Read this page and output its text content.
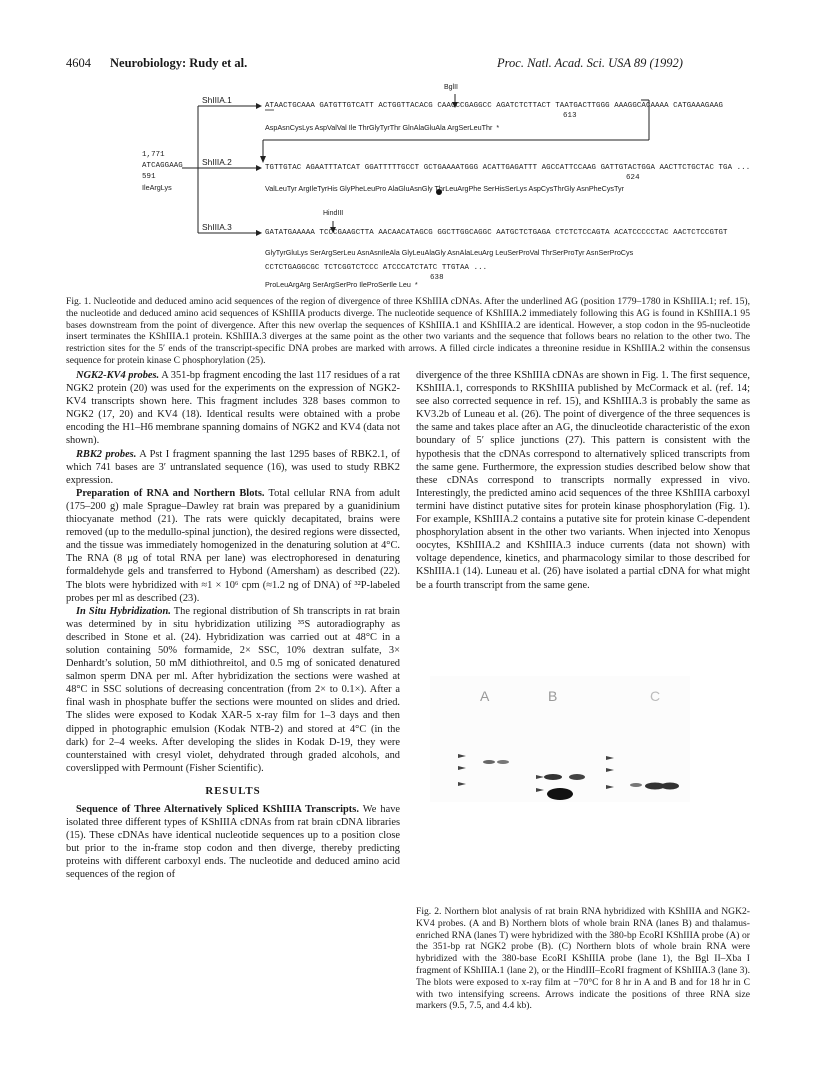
4604 Neurobiology: Rudy et al.	Proc. Natl. Acad. Sci. USA 89 (1992)
BglII
HindIII
ShIIIA.1
ShIIIA.2
ShIIIA.3
1,771
ATCAGGAAG
591
IleArgLys
ATAACTGCAAA GATGTTGTCATT ACTGGTTACACG CAAGCCGAGGCC AGATCTCTTACT TAATGACTTGGG AAAGGCACAAAA CATGAAAGAAG
613
AspAsnCysLys AspValVal Ile ThrGlyTyrThr GlnAlaGluAla ArgSerLeuThr  *
TGTTGTAC AGAATTTATCAT GGATTTTTGCCT GCTGAAAATGGG ACATTGAGATTT AGCCATTCCAAG GATTGTACTGGA AACTTCTGCTAC TGA ...
624
ValLeuTyr ArgIleTyrHis GlyPheLeuPro AlaGluAsnGly ThrLeuArgPhe SerHisSerLys AspCysThrGly AsnPheCysTyr
GATATGAAAAA TCCCGAAGCTTA AACAACATAGCG GGCTTGGCAGGC AATGCTCTGAGA CTCTCTCCAGTA ACATCCCCCTAC AACTCTCCGTGT
GlyTyrGluLys SerArgSerLeu AsnAsnIleAla GlyLeuAlaGly AsnAlaLeuArg LeuSerProVal ThrSerProTyr AsnSerProCys
CCTCTGAGGCGC TCTCGGTCTCCC ATCCCATCTATC TTGTAA ...
638
ProLeuArgArg SerArgSerPro IleProSerIle Leu  *
Fig. 1. Nucleotide and deduced amino acid sequences of the region of divergence of three KShIIIA cDNAs. After the underlined AG (position 1779–1780 in KShIIIA.1; ref. 15), the nucleotide and deduced amino acid sequences of KShIIIA products diverge. The nucleotide sequence of KShIIIA.2 immediately following this AG is found in KShIIIA.1 95 bases downstream from the point of divergence. After this new overlap the sequences of KShIIIA.1 and KShIIIA.2 are identical. However, a stop codon in the 95-nucleotide insert terminates the KShIIIA.1 protein. KShIIIA.3 diverges at the same point as the other two variants and the sequence that follows bears no relation to the other two. The restriction sites for the 5′ ends of the transcript-specific DNA probes are marked with arrows. A filled circle indicates a threonine residue in KShIIIA.2 within the consensus sequence for protein kinase C phosphorylation (25).

NGK2-KV4 probes. A 351-bp fragment encoding the last 117 residues of a rat NGK2 protein (20) was used for the experiments on the expression of NGK2-KV4 transcripts shown here. This fragment includes 328 bases common to NGK2 (17, 20) and KV4 (18). Identical results were obtained with a probe encoding the H1–H6 membrane spanning domains of NGK2 and KV4 (data not shown).

RBK2 probes. A Pst I fragment spanning the last 1295 bases of RBK2.1, of which 741 bases are 3′ untranslated sequence (16), was used to study RBK2 expression.

Preparation of RNA and Northern Blots. Total cellular RNA from adult (175–200 g) male Sprague–Dawley rat brain was prepared by a guanidinium thiocyanate method (21). The rats were quickly decapitated, brains were removed (up to the medullo-spinal junction), the desired regions were dissected, and the tissue was immediately homogenized in the denaturing solution at 4°C. The RNA (8 μg of total RNA per lane) was electrophoresed in denaturing formaldehyde gels and transferred to Hybond (Amersham) as described (22). The blots were hybridized with ≈1 × 10⁶ cpm (≈1.2 ng of DNA) of ³²P-labeled probes per ml as described (23).

In Situ Hybridization. The regional distribution of Sh transcripts in rat brain was determined by in situ hybridization utilizing ³⁵S autoradiography as described in Stone et al. (24). Hybridization was carried out at 48°C in a solution containing 50% formamide, 2× SSC, 10% dextran sulfate, 3× Denhardt’s solution, 50 mM dithiothreitol, and 0.5 mg of sonicated denatured salmon sperm DNA per ml. After hybridization the sections were washed at 48°C in SSC solutions of decreasing concentration (from 2× to 0.1×). After a final wash in phosphate buffer the sections were mounted on slides and dried. The slides were exposed to Kodak XAR-5 x-ray film for 1–3 days and then dipped in photographic emulsion (Kodak NTB-2) and stored at 4°C (in the dark) for 2–4 weeks. After developing the slides in Kodak D-19, they were counterstained with cresyl violet, dehydrated through graded alcohols, and coverslipped with Permount (Fisher Scientific).

RESULTS

Sequence of Three Alternatively Spliced KShIIIA Transcripts. We have isolated three different types of KShIIIA cDNAs from rat brain cDNA libraries (15). These cDNAs have identical nucleotide sequences up to a position close but prior to the in-frame stop codon and then diverge, thereby predicting proteins with different carboxyl ends. The nucleotide and deduced amino acid sequences of the region of

divergence of the three KShIIIA cDNAs are shown in Fig. 1. The first sequence, KShIIIA.1, corresponds to RKShIIIA published by McCormack et al. (ref. 14; see also corrected sequence in ref. 15), and KShIIIA.3 is probably the same as KV3.2b of Luneau et al. (26). The point of divergence of the three sequences is the same and takes place after an AG, the dinucleotide characteristic of the exon boundary of 5′ splice junctions (27). This pattern is consistent with the hypothesis that the cDNAs correspond to alternatively spliced transcripts from the same gene. Furthermore, the expression studies described below show that these cDNAs correspond to transcripts normally expressed in vivo. Interestingly, the predicted amino acid sequences of the three KShIIIA carboxyl termini have distinct putative sites for protein kinase phosphorylation (Fig. 1). For example, KShIIIA.2 contains a putative site for protein kinase C-dependent phosphorylation absent in the other two variants. When injected into Xenopus oocytes, KShIIIA.2 and KShIIIA.3 induce currents (data not shown) with voltage dependence, kinetics, and pharmacology similar to those described for KShIIIA.1 (14). Luneau et al. (26) have isolated a partial cDNA for what might be a fourth transcript from the same gene.

A	B	C
Fig. 2. Northern blot analysis of rat brain RNA hybridized with KShIIIA and NGK2-KV4 probes. (A and B) Northern blots of whole brain RNA (lanes B) and thalamus-enriched RNA (lanes T) were hybridized with the 380-bp EcoRI KShIIIA probe (A) or the 351-bp rat NGK2 probe (B). (C) Northern blots of whole brain RNA were hybridized with the 380-base EcoRI KShIIIA probe (lane 1), the Bgl II–Xba I fragment of KShIIIA.1 (lane 2), or the HindIII–EcoRI fragment of KShIIIA.3 (lane 3). The blots were exposed to x-ray film at −70°C for 8 hr in A and B and for 18 hr in C with two intensifying screens. Arrows indicate the positions of three RNA size markers (9.5, 7.5, and 4.4 kb).
